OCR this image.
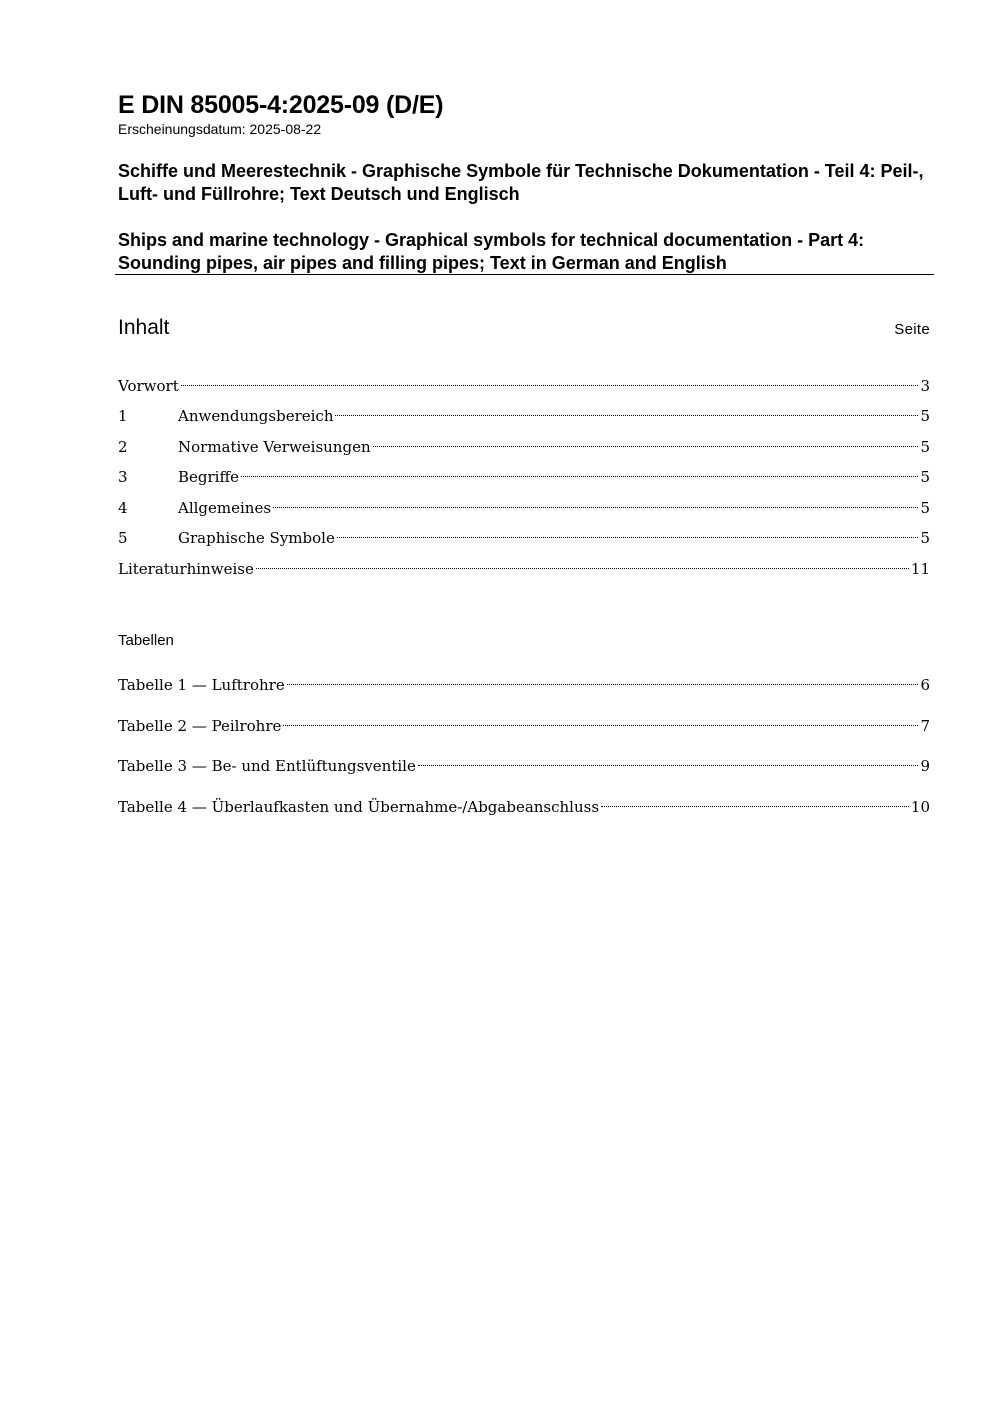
E DIN 85005-4:2025-09 (D/E)
Erscheinungsdatum: 2025-08-22
Schiffe und Meerestechnik - Graphische Symbole für Technische Dokumentation - Teil 4: Peil-, Luft- und Füllrohre; Text Deutsch und Englisch
Ships and marine technology - Graphical symbols for technical documentation - Part 4: Sounding pipes, air pipes and filling pipes; Text in German and English
Inhalt	Seite
Vorwort	3
1	Anwendungsbereich	5
2	Normative Verweisungen	5
3	Begriffe	5
4	Allgemeines	5
5	Graphische Symbole	5
Literaturhinweise	11
Tabellen
Tabelle 1 — Luftrohre	6
Tabelle 2 — Peilrohre	7
Tabelle 3 — Be- und Entlüftungsventile	9
Tabelle 4 — Überlaufkasten und Übernahme-/Abgabeanschluss	10
